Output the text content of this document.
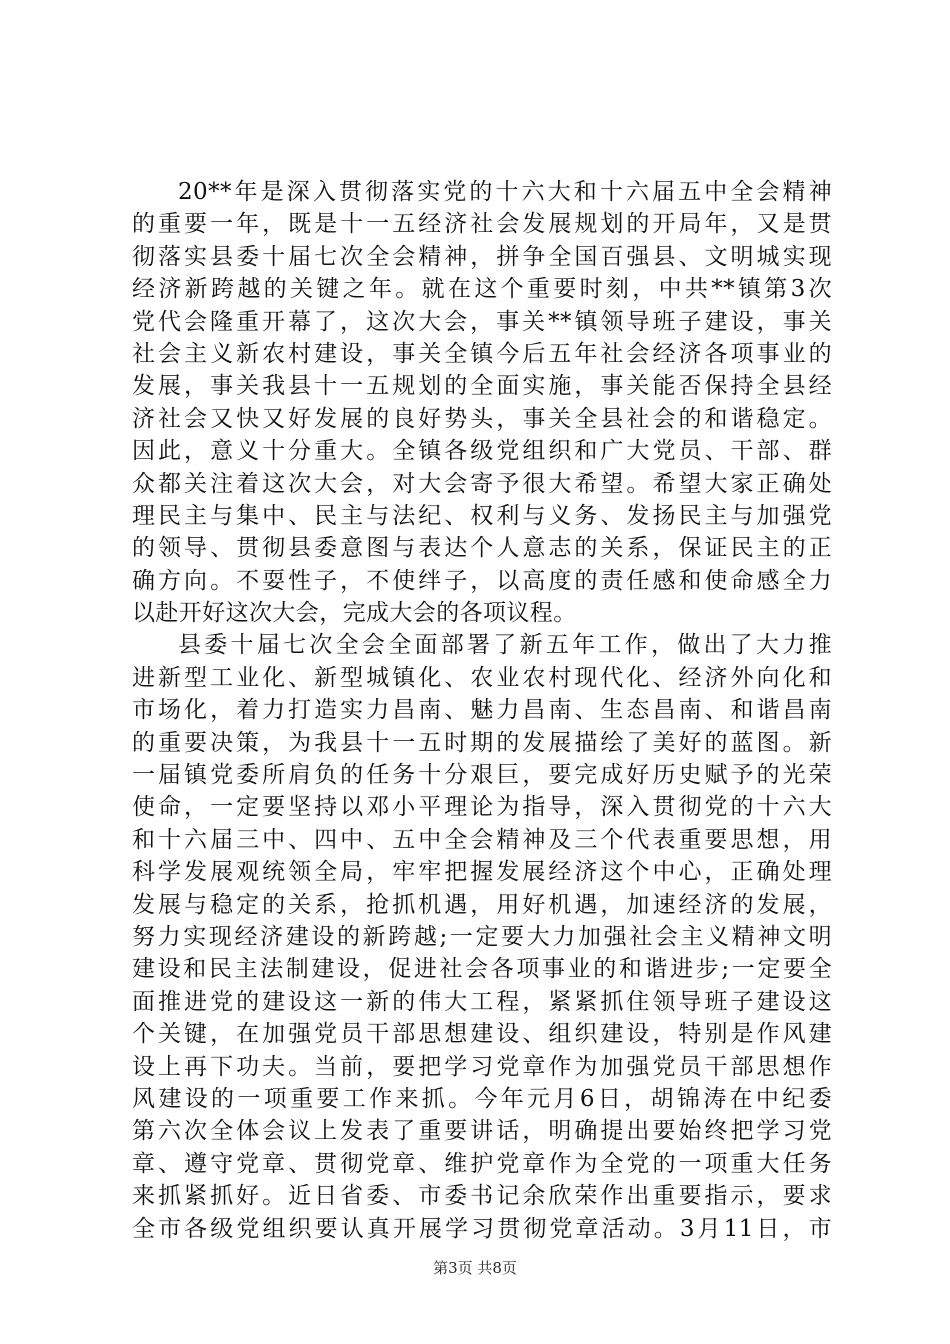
20**年是深入贯彻落实党的十六大和十六届五中全会精神
的重要一年，既是十一五经济社会发展规划的开局年，又是贯
彻落实县委十届七次全会精神，拼争全国百强县、文明城实现
经济新跨越的关键之年。就在这个重要时刻，中共**镇第3次
党代会隆重开幕了，这次大会，事关**镇领导班子建设，事关
社会主义新农村建设，事关全镇今后五年社会经济各项事业的
发展，事关我县十一五规划的全面实施，事关能否保持全县经
济社会又快又好发展的良好势头，事关全县社会的和谐稳定。
因此，意义十分重大。全镇各级党组织和广大党员、干部、群
众都关注着这次大会，对大会寄予很大希望。希望大家正确处
理民主与集中、民主与法纪、权利与义务、发扬民主与加强党
的领导、贯彻县委意图与表达个人意志的关系，保证民主的正
确方向。不耍性子，不使绊子，以高度的责任感和使命感全力
以赴开好这次大会，完成大会的各项议程。
县委十届七次全会全面部署了新五年工作，做出了大力推
进新型工业化、新型城镇化、农业农村现代化、经济外向化和
市场化，着力打造实力昌南、魅力昌南、生态昌南、和谐昌南
的重要决策，为我县十一五时期的发展描绘了美好的蓝图。新
一届镇党委所肩负的任务十分艰巨，要完成好历史赋予的光荣
使命，一定要坚持以邓小平理论为指导，深入贯彻党的十六大
和十六届三中、四中、五中全会精神及三个代表重要思想，用
科学发展观统领全局，牢牢把握发展经济这个中心，正确处理
发展与稳定的关系，抢抓机遇，用好机遇，加速经济的发展，
努力实现经济建设的新跨越;一定要大力加强社会主义精神文明
建设和民主法制建设，促进社会各项事业的和谐进步;一定要全
面推进党的建设这一新的伟大工程，紧紧抓住领导班子建设这
个关键，在加强党员干部思想建设、组织建设，特别是作风建
设上再下功夫。当前，要把学习党章作为加强党员干部思想作
风建设的一项重要工作来抓。今年元月6日，胡锦涛在中纪委
第六次全体会议上发表了重要讲话，明确提出要始终把学习党
章、遵守党章、贯彻党章、维护党章作为全党的一项重大任务
来抓紧抓好。近日省委、市委书记余欣荣作出重要指示，要求
全市各级党组织要认真开展学习贯彻党章活动。3月11日，市
第3页 共8页
